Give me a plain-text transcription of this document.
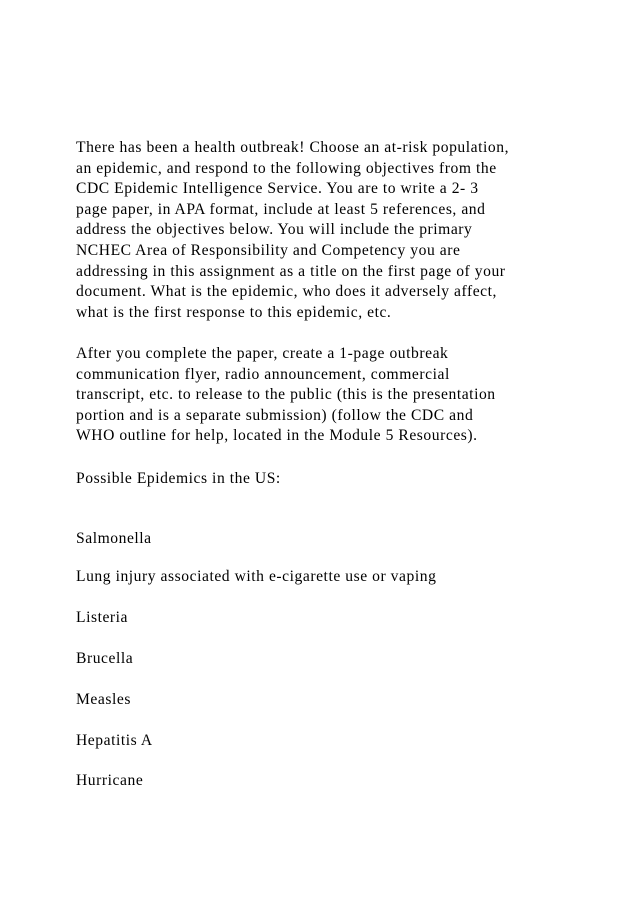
There has been a health outbreak! Choose an at-risk population,
an epidemic, and respond to the following objectives from the
CDC Epidemic Intelligence Service. You are to write a 2- 3
page paper, in APA format, include at least 5 references, and
address the objectives below. You will include the primary
NCHEC Area of Responsibility and Competency you are
addressing in this assignment as a title on the first page of your
document. What is the epidemic, who does it adversely affect,
what is the first response to this epidemic, etc.
After you complete the paper, create a 1-page outbreak
communication flyer, radio announcement, commercial
transcript, etc. to release to the public (this is the presentation
portion and is a separate submission) (follow the CDC and
WHO outline for help, located in the Module 5 Resources).
Possible Epidemics in the US:
Salmonella
Lung injury associated with e-cigarette use or vaping
Listeria
Brucella
Measles
Hepatitis A
Hurricane
